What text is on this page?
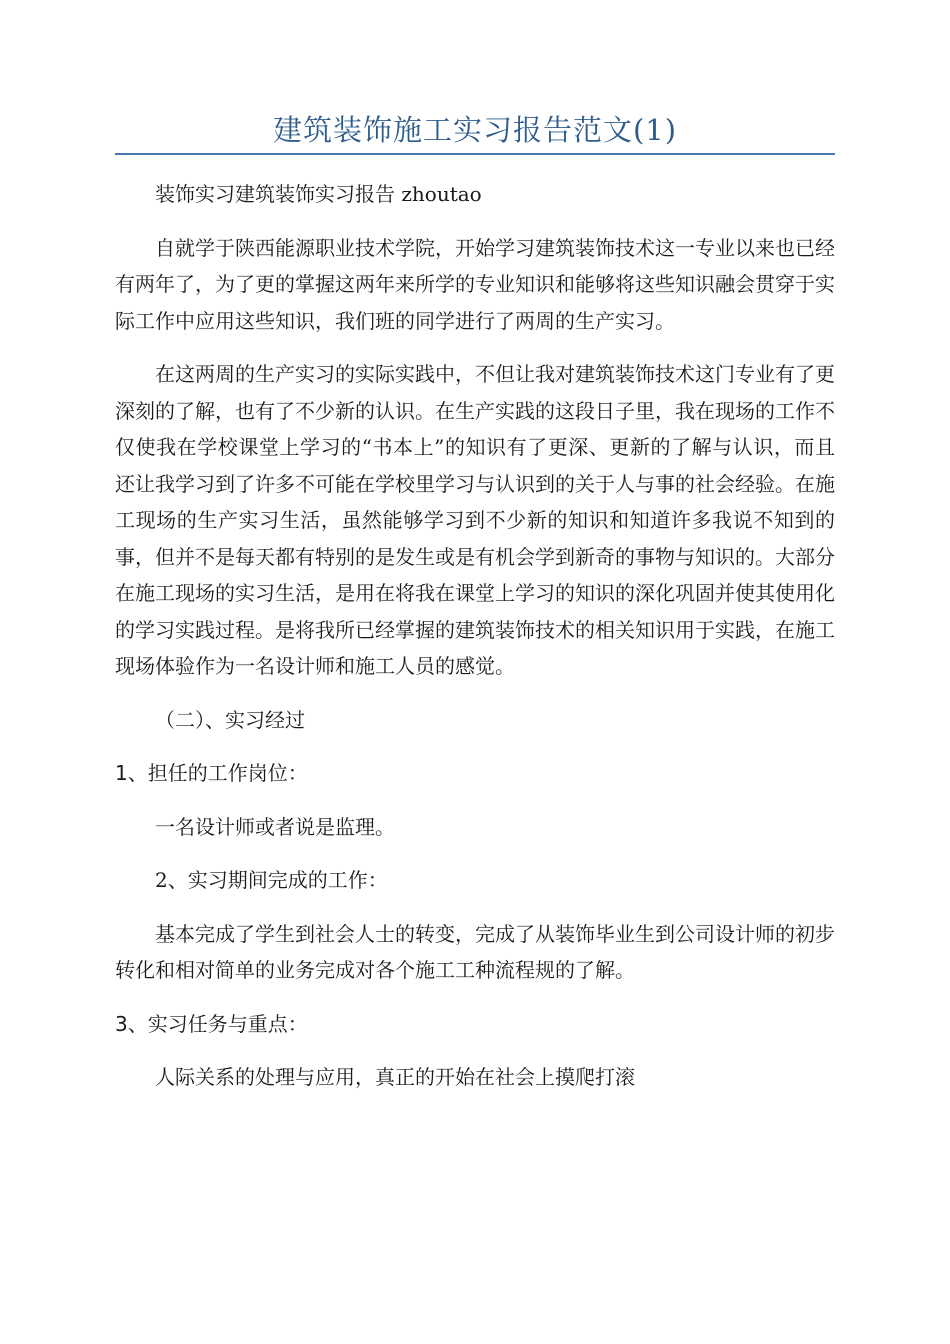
建筑装饰施工实习报告范文(1)

装饰实习建筑装饰实习报告 zhoutao

自就学于陕西能源职业技术学院，开始学习建筑装饰技术这一专业以来也已经有两年了，为了更的掌握这两年来所学的专业知识和能够将这些知识融会贯穿于实际工作中应用这些知识，我们班的同学进行了两周的生产实习。

在这两周的生产实习的实际实践中，不但让我对建筑装饰技术这门专业有了更深刻的了解，也有了不少新的认识。在生产实践的这段日子里，我在现场的工作不仅使我在学校课堂上学习的“书本上”的知识有了更深、更新的了解与认识，而且还让我学习到了许多不可能在学校里学习与认识到的关于人与事的社会经验。在施工现场的生产实习生活，虽然能够学习到不少新的知识和知道许多我说不知到的事，但并不是每天都有特别的是发生或是有机会学到新奇的事物与知识的。大部分在施工现场的实习生活，是用在将我在课堂上学习的知识的深化巩固并使其使用化的学习实践过程。是将我所已经掌握的建筑装饰技术的相关知识用于实践，在施工现场体验作为一名设计师和施工人员的感觉。

（二）、实习经过

1、担任的工作岗位：

一名设计师或者说是监理。

2、实习期间完成的工作：

基本完成了学生到社会人士的转变，完成了从装饰毕业生到公司设计师的初步转化和相对简单的业务完成对各个施工工种流程规的了解。

3、实习任务与重点：

人际关系的处理与应用，真正的开始在社会上摸爬打滚
